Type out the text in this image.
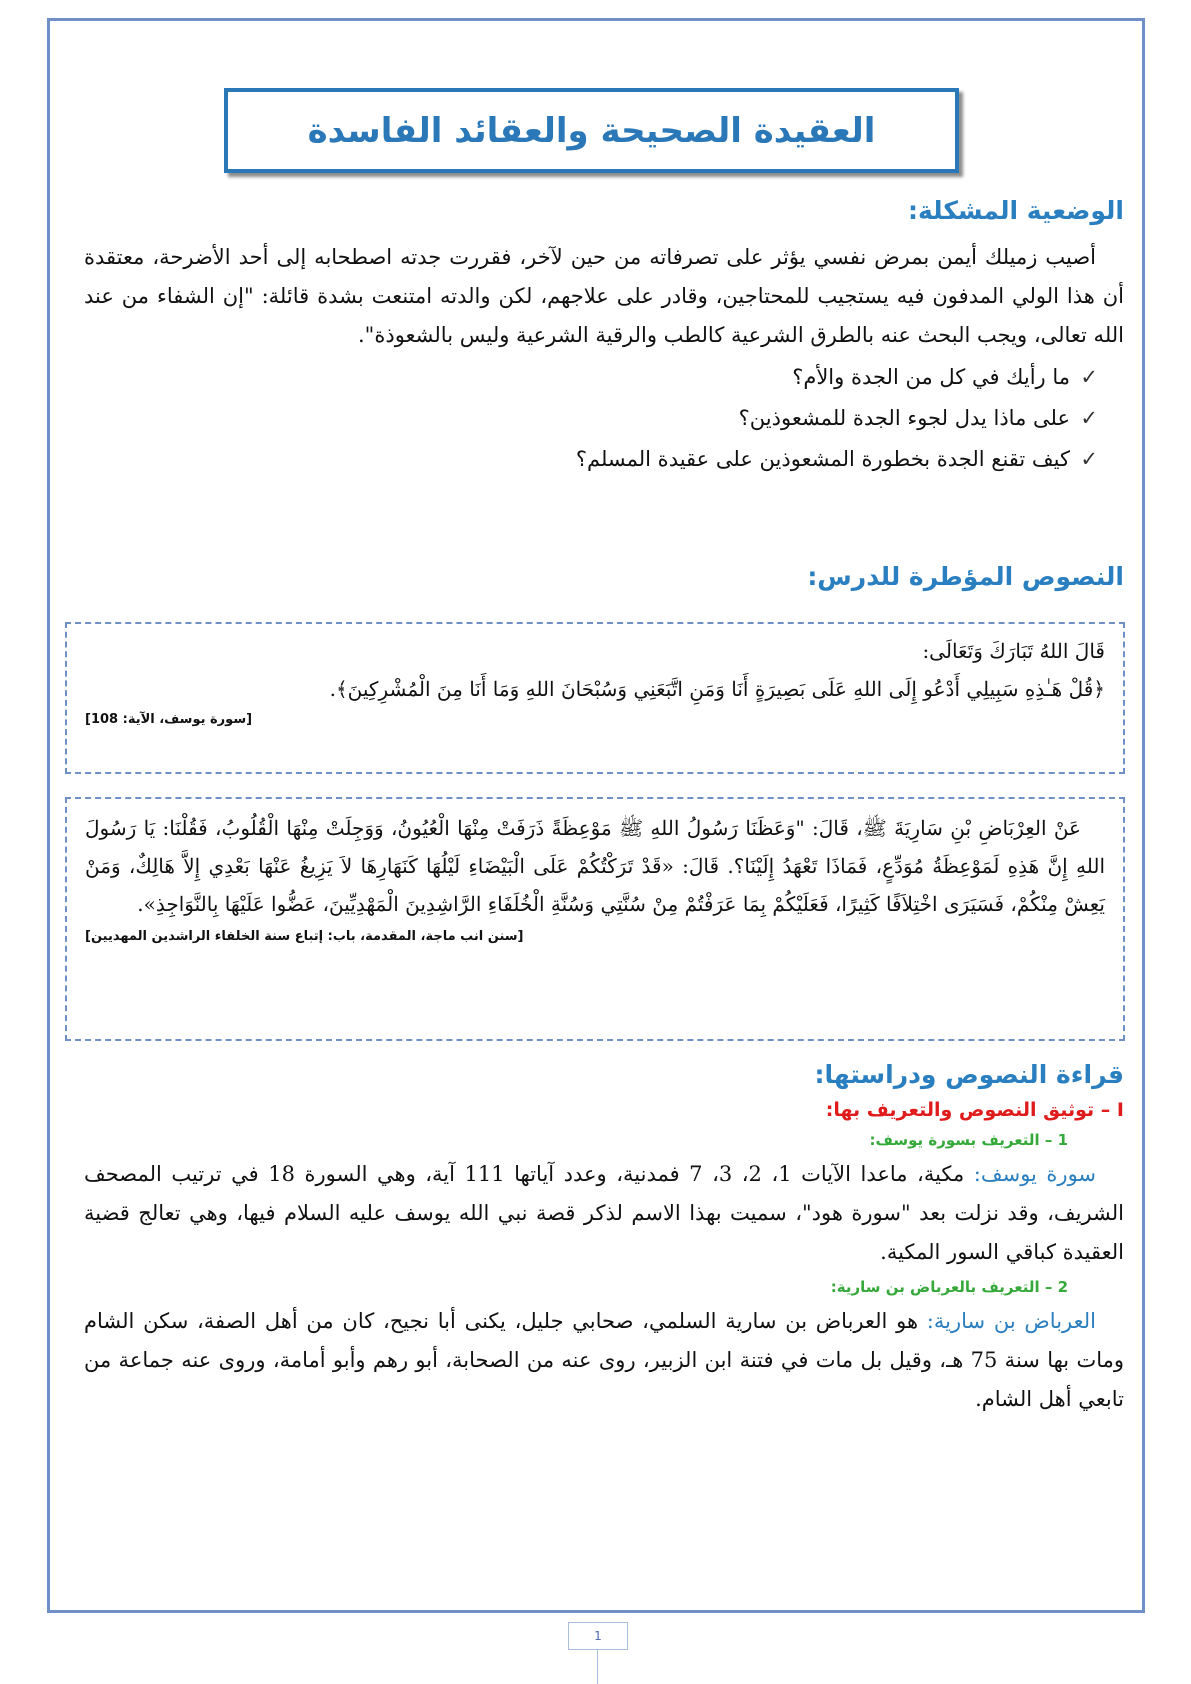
العقيدة الصحيحة والعقائد الفاسدة
الوضعية المشكلة:
أصيب زميلك أيمن بمرض نفسي يؤثر على تصرفاته من حين لآخر، فقررت جدته اصطحابه إلى أحد الأضرحة، معتقدة أن هذا الولي المدفون فيه يستجيب للمحتاجين، وقادر على علاجهم، لكن والدته امتنعت بشدة قائلة: "إن الشفاء من عند الله تعالى، ويجب البحث عنه بالطرق الشرعية كالطب والرقية الشرعية وليس بالشعوذة".
✓ما رأيك في كل من الجدة والأم؟
✓على ماذا يدل لجوء الجدة للمشعوذين؟
✓كيف تقنع الجدة بخطورة المشعوذين على عقيدة المسلم؟
النصوص المؤطرة للدرس:
قَالَ اللهُ تَبَارَكَ وَتَعَالَى:
﴿قُلْ هَـٰذِهِ سَبِيلِي أَدْعُو إِلَى اللهِ عَلَى بَصِيرَةٍ أَنَا وَمَنِ اتَّبَعَنِي وَسُبْحَانَ اللهِ وَمَا أَنَا مِنَ الْمُشْرِكِينَ﴾.
[سورة يوسف، الآية: 108]
عَنْ العِرْبَاضِ بْنِ سَارِيَةَ ﷺ، قَالَ: "وَعَظَنَا رَسُولُ اللهِ ﷺ مَوْعِظَةً ذَرَفَتْ مِنْهَا الْعُيُونُ، وَوَجِلَتْ مِنْهَا الْقُلُوبُ، فَقُلْنَا: يَا رَسُولَ اللهِ إِنَّ هَذِهِ لَمَوْعِظَةُ مُوَدِّعٍ، فَمَاذَا تَعْهَدُ إِلَيْنَا؟. قَالَ: «قَدْ تَرَكْتُكُمْ عَلَى الْبَيْضَاءِ لَيْلُهَا كَنَهَارِهَا لاَ يَزِيغُ عَنْهَا بَعْدِي إِلاَّ هَالِكٌ، وَمَنْ يَعِشْ مِنْكُمْ، فَسَيَرَى اخْتِلاَفًا كَثِيرًا، فَعَلَيْكُمْ بِمَا عَرَفْتُمْ مِنْ سُنَّتِي وَسُنَّةِ الْخُلَفَاءِ الرَّاشِدِينَ الْمَهْدِيِّينَ، عَضُّوا عَلَيْهَا بِالنَّوَاجِذِ».
[سنن انب ماجة، المقدمة، باب: إتباع سنة الخلفاء الراشدين المهديين]
قراءة النصوص ودراستها:
I – توثيق النصوص والتعريف بها:
1 – التعريف بسورة يوسف:
سورة يوسف: مكية، ماعدا الآيات 1، 2، 3، 7 فمدنية، وعدد آياتها 111 آية، وهي السورة 18 في ترتيب المصحف الشريف، وقد نزلت بعد "سورة هود"، سميت بهذا الاسم لذكر قصة نبي الله يوسف عليه السلام فيها، وهي تعالج قضية العقيدة كباقي السور المكية.
2 – التعريف بالعرباض بن سارية:
العرباض بن سارية: هو العرباض بن سارية السلمي، صحابي جليل، يكنى أبا نجيح، كان من أهل الصفة، سكن الشام ومات بها سنة 75 هـ، وقيل بل مات في فتنة ابن الزبير، روى عنه من الصحابة، أبو رهم وأبو أمامة، وروى عنه جماعة من تابعي أهل الشام.
1
